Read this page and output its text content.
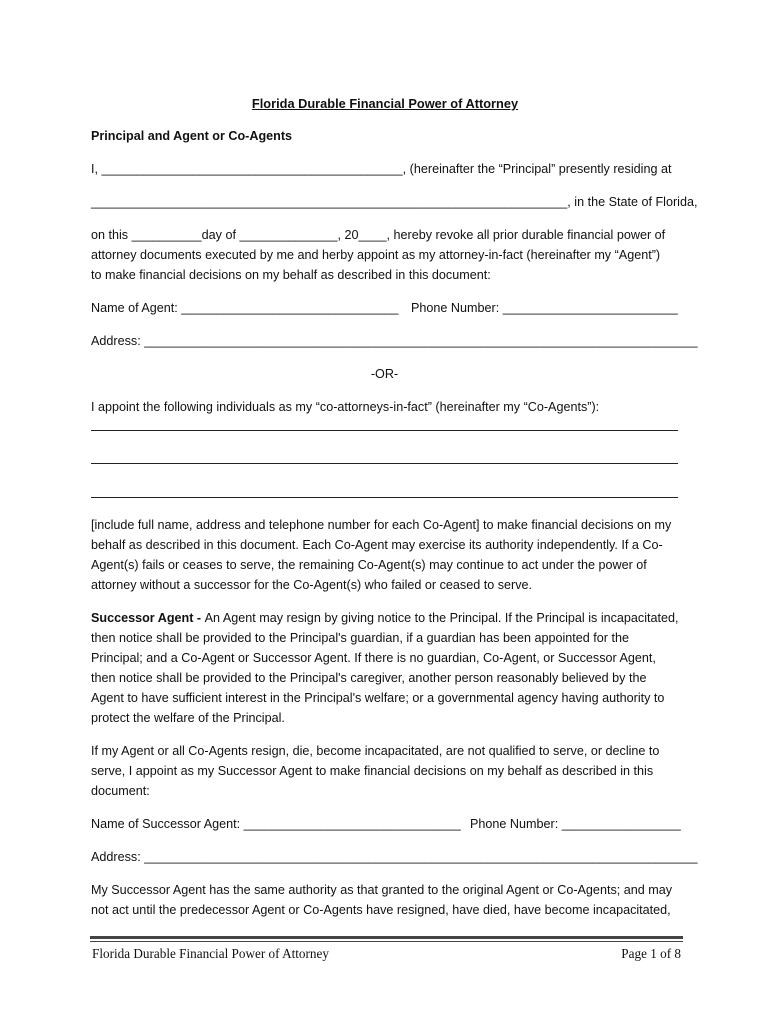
Florida Durable Financial Power of Attorney
Principal and Agent or Co-Agents
I, ___________________________________________, (hereinafter the “Principal” presently residing at
____________________________________________________________________, in the State of Florida,
on this __________day of ______________, 20____, hereby revoke all prior durable financial power of
attorney documents executed by me and herby appoint as my attorney-in-fact (hereinafter my “Agent”)
to make financial decisions on my behalf as described in this document:
Name of Agent: _______________________________ Phone Number: _________________________
Address: _______________________________________________________________________________
-OR-
I appoint the following individuals as my “co-attorneys-in-fact” (hereinafter my “Co-Agents”):
[include full name, address and telephone number for each Co-Agent] to make financial decisions on my
behalf as described in this document. Each Co-Agent may exercise its authority independently. If a Co-
Agent(s) fails or ceases to serve, the remaining Co-Agent(s) may continue to act under the power of
attorney without a successor for the Co-Agent(s) who failed or ceased to serve.
Successor Agent - An Agent may resign by giving notice to the Principal. If the Principal is incapacitated,
then notice shall be provided to the Principal's guardian, if a guardian has been appointed for the
Principal; and a Co-Agent or Successor Agent. If there is no guardian, Co-Agent, or Successor Agent,
then notice shall be provided to the Principal's caregiver, another person reasonably believed by the
Agent to have sufficient interest in the Principal's welfare; or a governmental agency having authority to
protect the welfare of the Principal.
If my Agent or all Co-Agents resign, die, become incapacitated, are not qualified to serve, or decline to
serve, I appoint as my Successor Agent to make financial decisions on my behalf as described in this
document:
Name of Successor Agent: _______________________________ Phone Number: _________________
Address: _______________________________________________________________________________
My Successor Agent has the same authority as that granted to the original Agent or Co-Agents; and may
not act until the predecessor Agent or Co-Agents have resigned, have died, have become incapacitated,
Florida Durable Financial Power of Attorney	Page 1 of 8
